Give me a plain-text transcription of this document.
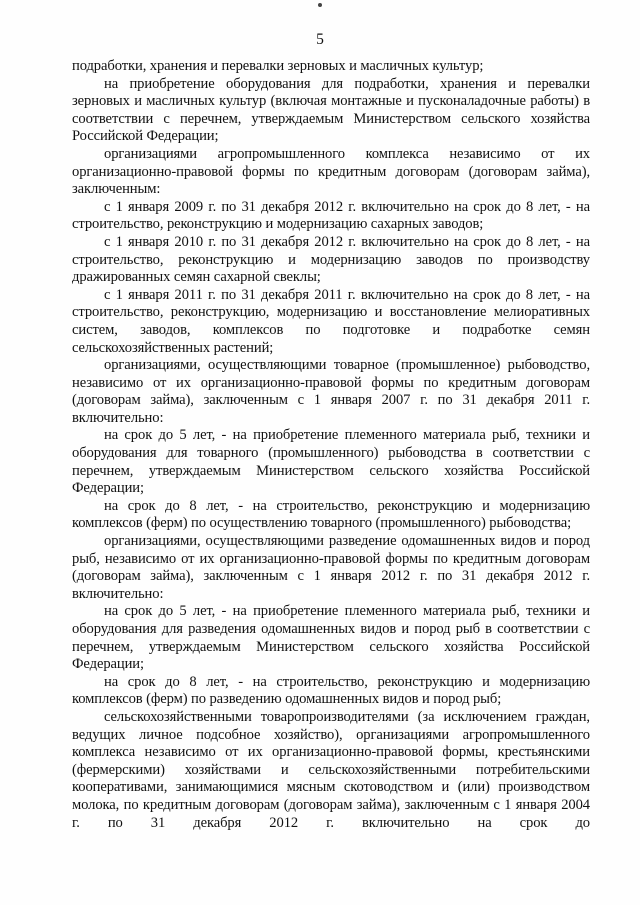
5

подработки, хранения и перевалки зерновых и масличных культур;

на приобретение оборудования для подработки, хранения и перевалки зерновых и масличных культур (включая монтажные и пусконаладочные работы) в соответствии с перечнем, утверждаемым Министерством сельского хозяйства Российской Федерации;

организациями агропромышленного комплекса независимо от их организационно-правовой формы по кредитным договорам (договорам займа), заключенным:

с 1 января 2009 г. по 31 декабря 2012 г. включительно на срок до 8 лет, - на строительство, реконструкцию и модернизацию сахарных заводов;

с 1 января 2010 г. по 31 декабря 2012 г. включительно на срок до 8 лет, - на строительство, реконструкцию и модернизацию заводов по производству дражированных семян сахарной свеклы;

с 1 января 2011 г. по 31 декабря 2011 г. включительно на срок до 8 лет, - на строительство, реконструкцию, модернизацию и восстановление мелиоративных систем, заводов, комплексов по подготовке и подработке семян сельскохозяйственных растений;

организациями, осуществляющими товарное (промышленное) рыбоводство, независимо от их организационно-правовой формы по кредитным договорам (договорам займа), заключенным с 1 января 2007 г. по 31 декабря 2011 г. включительно:

на срок до 5 лет, - на приобретение племенного материала рыб, техники и оборудования для товарного (промышленного) рыбоводства в соответствии с перечнем, утверждаемым Министерством сельского хозяйства Российской Федерации;

на срок до 8 лет, - на строительство, реконструкцию и модернизацию комплексов (ферм) по осуществлению товарного (промышленного) рыбоводства;

организациями, осуществляющими разведение одомашненных видов и пород рыб, независимо от их организационно-правовой формы по кредитным договорам (договорам займа), заключенным с 1 января 2012 г. по 31 декабря 2012 г. включительно:

на срок до 5 лет, - на приобретение племенного материала рыб, техники и оборудования для разведения одомашненных видов и пород рыб в соответствии с перечнем, утверждаемым Министерством сельского хозяйства Российской Федерации;

на срок до 8 лет, - на строительство, реконструкцию и модернизацию комплексов (ферм) по разведению одомашненных видов и пород рыб;

сельскохозяйственными товаропроизводителями (за исключением граждан, ведущих личное подсобное хозяйство), организациями агропромышленного комплекса независимо от их организационно-правовой формы, крестьянскими (фермерскими) хозяйствами и сельскохозяйственными потребительскими кооперативами, занимающимися мясным скотоводством и (или) производством молока, по кредитным договорам (договорам займа), заключенным с 1 января 2004 г. по 31 декабря 2012 г. включительно на срок до
